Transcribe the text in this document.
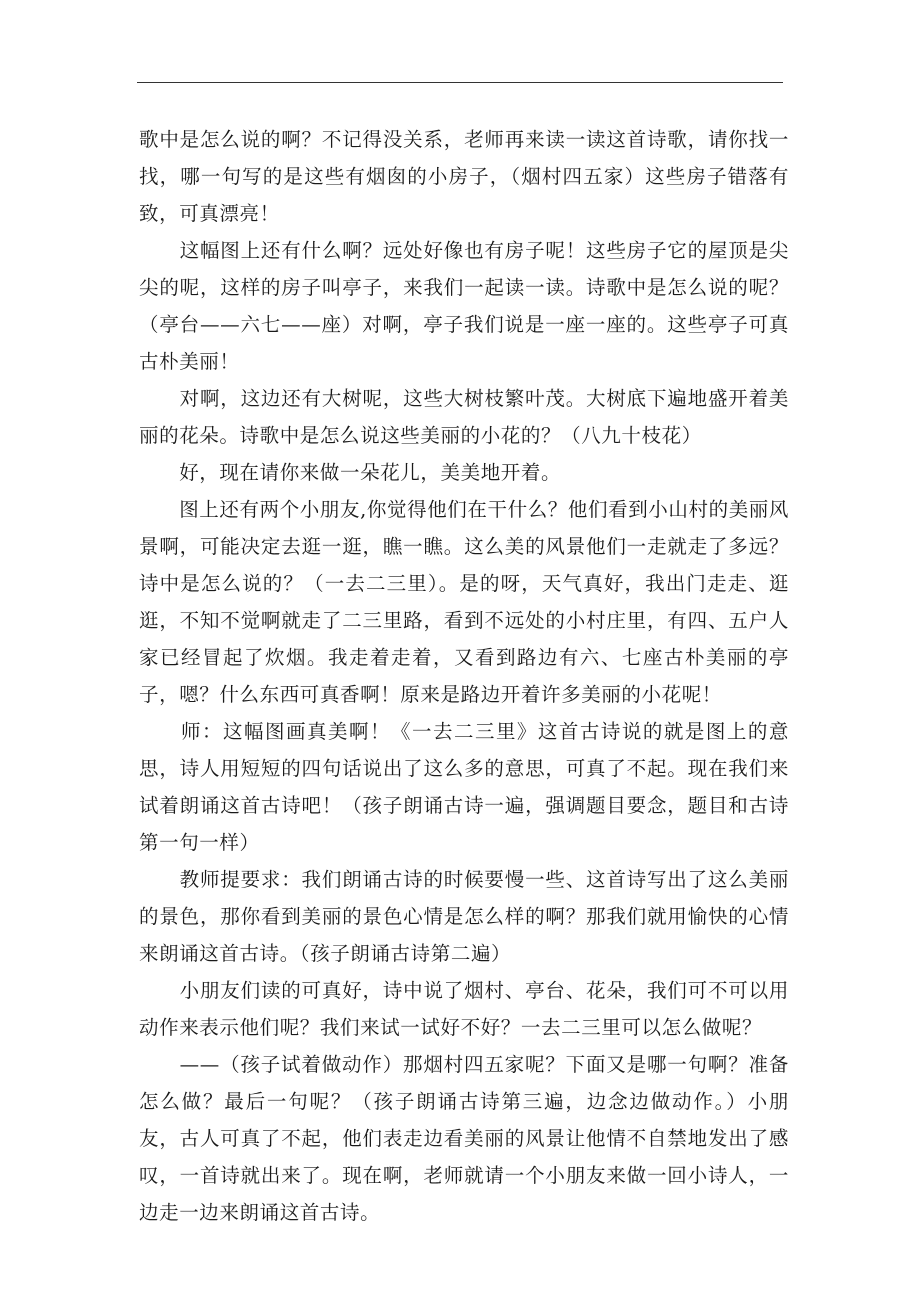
歌中是怎么说的啊？不记得没关系，老师再来读一读这首诗歌，请你找一找，哪一句写的是这些有烟囱的小房子，（烟村四五家）这些房子错落有致，可真漂亮！

　　这幅图上还有什么啊？远处好像也有房子呢！这些房子它的屋顶是尖尖的呢，这样的房子叫亭子，来我们一起读一读。诗歌中是怎么说的呢？（亭台——六七——座）对啊，亭子我们说是一座一座的。这些亭子可真古朴美丽！

　　对啊，这边还有大树呢，这些大树枝繁叶茂。大树底下遍地盛开着美丽的花朵。诗歌中是怎么说这些美丽的小花的？（八九十枝花）

　　好，现在请你来做一朵花儿，美美地开着。

　　图上还有两个小朋友,你觉得他们在干什么？他们看到小山村的美丽风景啊，可能决定去逛一逛，瞧一瞧。这么美的风景他们一走就走了多远？诗中是怎么说的？（一去二三里）。是的呀，天气真好，我出门走走、逛逛，不知不觉啊就走了二三里路，看到不远处的小村庄里，有四、五户人家已经冒起了炊烟。我走着走着，又看到路边有六、七座古朴美丽的亭子，嗯？什么东西可真香啊！原来是路边开着许多美丽的小花呢！

　　师：这幅图画真美啊！《一去二三里》这首古诗说的就是图上的意思，诗人用短短的四句话说出了这么多的意思，可真了不起。现在我们来试着朗诵这首古诗吧！（孩子朗诵古诗一遍，强调题目要念，题目和古诗第一句一样）

　　教师提要求：我们朗诵古诗的时候要慢一些、这首诗写出了这么美丽的景色，那你看到美丽的景色心情是怎么样的啊？那我们就用愉快的心情来朗诵这首古诗。（孩子朗诵古诗第二遍）

　　小朋友们读的可真好，诗中说了烟村、亭台、花朵，我们可不可以用动作来表示他们呢？我们来试一试好不好？一去二三里可以怎么做呢？

　　——（孩子试着做动作）那烟村四五家呢？下面又是哪一句啊？准备怎么做？最后一句呢？（孩子朗诵古诗第三遍，边念边做动作。）小朋友，古人可真了不起，他们表走边看美丽的风景让他情不自禁地发出了感叹，一首诗就出来了。现在啊，老师就请一个小朋友来做一回小诗人，一边走一边来朗诵这首古诗。
